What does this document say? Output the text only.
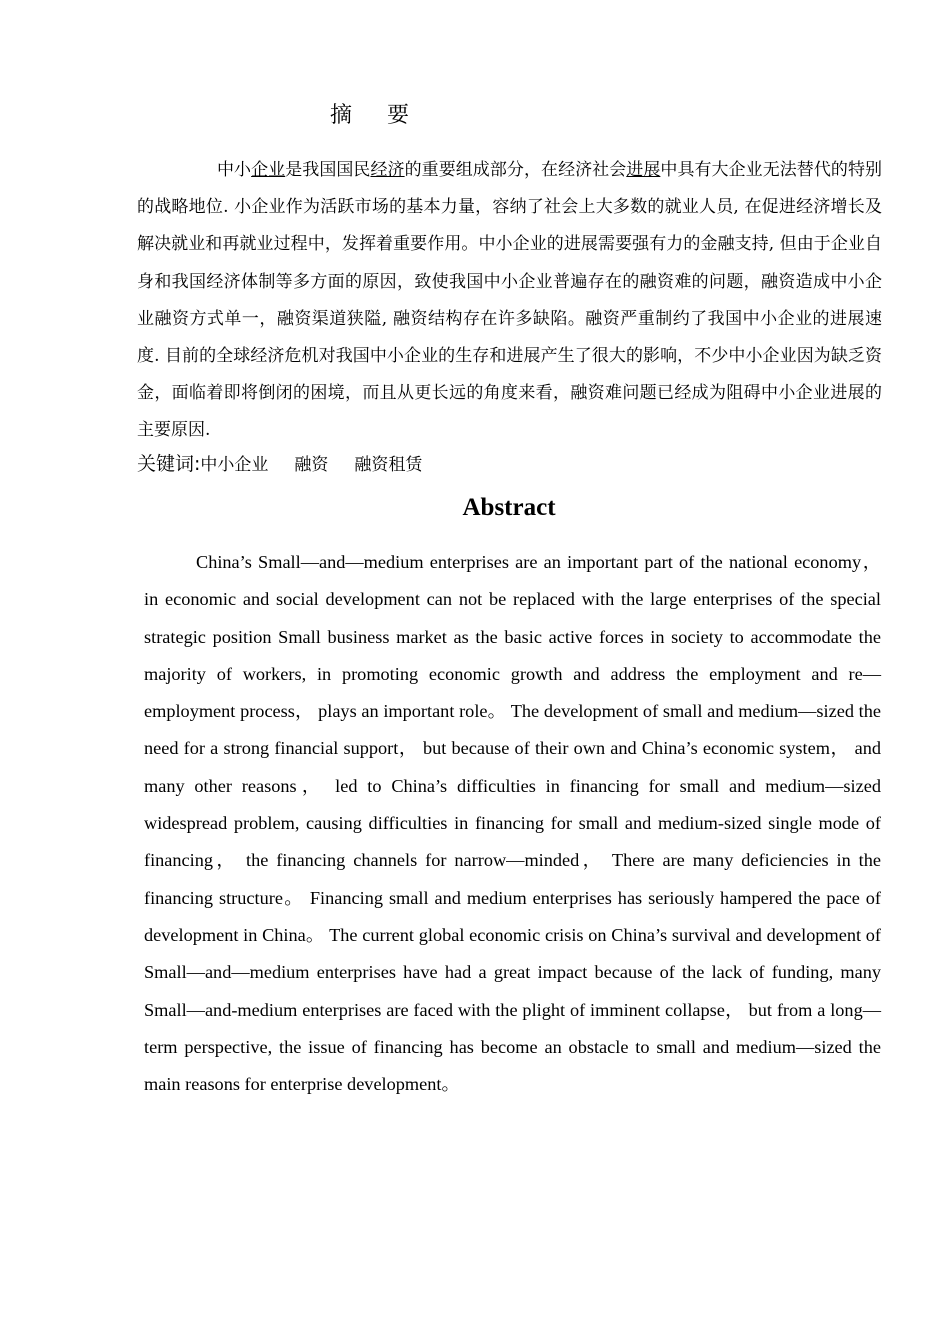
摘 要

中小企业是我国国民经济的重要组成部分，在经济社会进展中具有大企业无法替代的特别的战略地位. 小企业作为活跃市场的基本力量，容纳了社会上大多数的就业人员, 在促进经济增长及解决就业和再就业过程中，发挥着重要作用。中小企业的进展需要强有力的金融支持, 但由于企业自身和我国经济体制等多方面的原因，致使我国中小企业普遍存在的融资难的问题，融资造成中小企业融资方式单一，融资渠道狭隘, 融资结构存在许多缺陷。融资严重制约了我国中小企业的进展速度. 目前的全球经济危机对我国中小企业的生存和进展产生了很大的影响，不少中小企业因为缺乏资金，面临着即将倒闭的困境，而且从更长远的角度来看，融资难问题已经成为阻碍中小企业进展的主要原因.

关键词:中小企业 融资 融资租赁
Abstract

China’s Small—and—medium enterprises are an important part of the national economy， in economic and social development can not be replaced with the large enterprises of the special strategic position Small business market as the basic active forces in society to accommodate the majority of workers, in promoting economic growth and address the employment and re—employment process， plays an important role。 The development of small and medium—sized the need for a strong financial support， but because of their own and China’s economic system， and many other reasons， led to China’s difficulties in financing for small and medium—sized widespread problem, causing difficulties in financing for small and medium-sized single mode of financing， the financing channels for narrow—minded， There are many deficiencies in the financing structure。 Financing small and medium enterprises has seriously hampered the pace of development in China。 The current global economic crisis on China’s survival and development of Small—and—medium enterprises have had a great impact because of the lack of funding, many Small—and-medium enterprises are faced with the plight of imminent collapse， but from a long—term perspective, the issue of financing has become an obstacle to small and medium—sized the main reasons for enterprise development。
